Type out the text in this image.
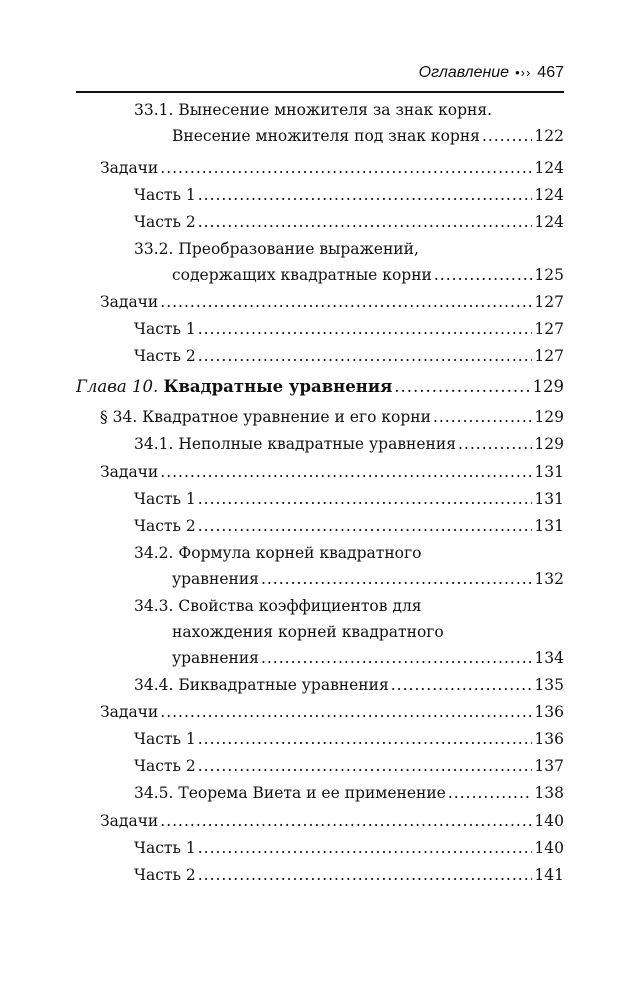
Оглавление •›› 467
33.1. Вынесение множителя за знак корня.
Внесение множителя под знак корня .....	122
Задачи .....	124
Часть 1 .....	124
Часть 2 .....	124
33.2. Преобразование выражений,
содержащих квадратные корни .....	125
Задачи .....	127
Часть 1 .....	127
Часть 2 .....	127
Глава 10. Квадратные уравнения .....	129
§ 34. Квадратное уравнение и его корни .....	129
34.1. Неполные квадратные уравнения .....	129
Задачи .....	131
Часть 1 .....	131
Часть 2 .....	131
34.2. Формула корней квадратного
уравнения .....	132
34.3. Свойства коэффициентов для
нахождения корней квадратного
уравнения .....	134
34.4. Биквадратные уравнения .....	135
Задачи .....	136
Часть 1 .....	136
Часть 2 .....	137
34.5. Теорема Виета и ее применение .....	138
Задачи .....	140
Часть 1 .....	140
Часть 2 .....	141
